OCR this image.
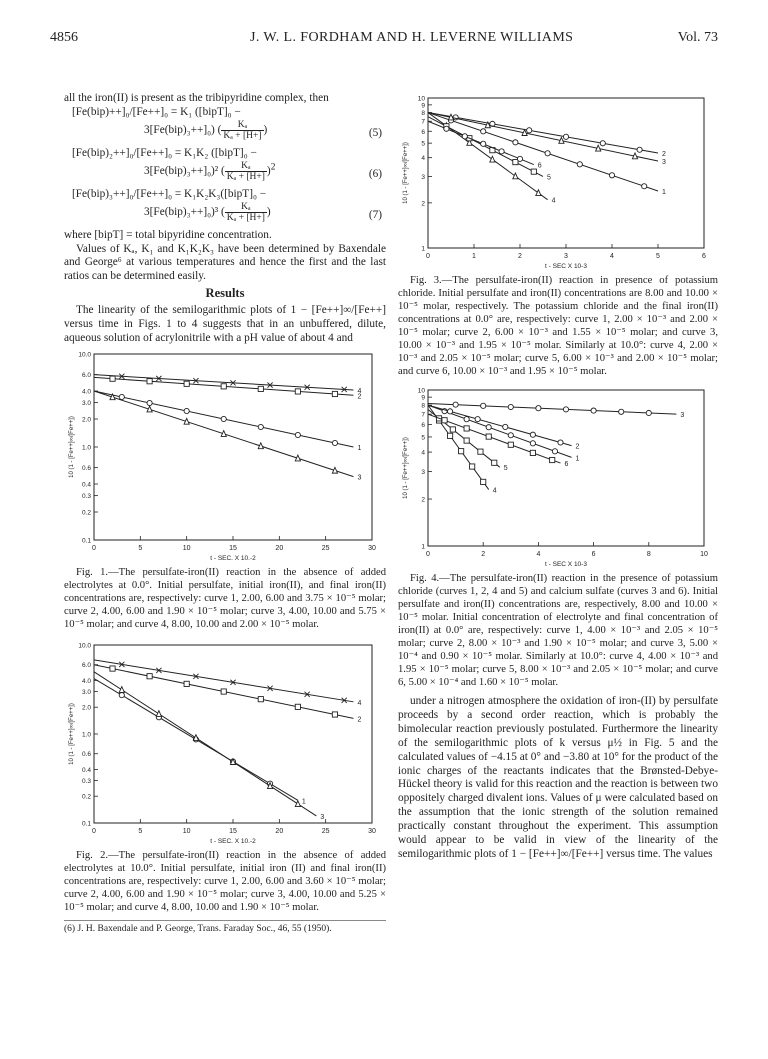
4856	J. W. L. FORDHAM AND H. LEVERNE WILLIAMS	Vol. 73
all the iron(II) is present as the tribipyridine complex, then
[Fe(bip)++]₀/[Fe++]₀ = K₁ ([bipT]₀ −
3[Fe(bip)₃++]₀) ( $\frac{\text{Kₐ}}{\text{Kₐ + [H+]}}$ )	(5)
[Fe(bip)₂++]₀/[Fe++]₀ = K₁K₂ ([bipT]₀ −
3[Fe(bip)₃++]₀)² ( $\frac{\text{Kₐ}}{\text{Kₐ + [H+]}} )^2$
(6)
[Fe(bip)₃++]₀/[Fe++]₀ = K₁K₂K₃([bipT]₀ −
3[Fe(bip)₃++]₀)³ ( $\frac{\text{Kₐ}}{\text{Kₐ + [H+]}}$ )	(7)
where [bipT] = total bipyridine concentration.
Values of Kₐ, K₁ and K₁K₂K₃ have been determined by Baxendale and George⁶ at various temperatures and hence the first and the last ratios can be determined easily.
Results
The linearity of the semilogarithmic plots of 1 − [Fe++]∞/[Fe++] versus time in Figs. 1 to 4 suggests that in an unbuffered, dilute, aqueous solution of acrylonitrile with a pH value of about 4 and
0	5	10	15	20	25	30
0.1
0.2
0.3
0.4
0.6
1.0
2.0
3.0
4.0
6.0
10.0
t - SEC. X 10.-2
10 (1 - [Fe++]∞/[Fe++])	1
2
3
4
Fig. 1.—The persulfate-iron(II) reaction in the absence of added electrolytes at 0.0°. Initial persulfate, initial iron(II), and final iron(II) concentrations are, respectively: curve 1, 2.00, 6.00 and 3.75 × 10⁻⁵ molar; curve 2, 4.00, 6.00 and 1.90 × 10⁻⁵ molar; curve 3, 4.00, 10.00 and 5.75 × 10⁻⁵ molar; and curve 4, 8.00, 10.00 and 2.00 × 10⁻⁵ molar.
0	5	10	15	20	25	30
0.1
0.2
0.3
0.4
0.6
1.0
2.0
3.0
4.0
6.0
10.0
t - SEC. X 10.-2
10 (1 - [Fe++]∞/[Fe++])
1
2
3
4
Fig. 2.—The persulfate-iron(II) reaction in the absence of added electrolytes at 10.0°. Initial persulfate, initial iron (II) and final iron(II) concentrations are, respectively: curve 1, 2.00, 6.00 and 3.60 × 10⁻⁵ molar; curve 2, 4.00, 6.00 and 1.90 × 10⁻⁵ molar; curve 3, 4.00, 10.00 and 5.25 × 10⁻⁵ molar; and curve 4, 8.00, 10.00 and 1.90 × 10⁻⁵ molar.
(6) J. H. Baxendale and P. George, Trans. Faraday Soc., 46, 55 (1950).
0	1	2	3	4	5	6
1
2
3
4
5
6
7
8
9
10
t - SEC X 10-3
10 (1 - [Fe++]∞/[Fe++])	1
2
3
4
5
6
Fig. 3.—The persulfate-iron(II) reaction in presence of potassium chloride. Initial persulfate and iron(II) concentrations are 8.00 and 10.00 × 10⁻⁵ molar, respectively. The potassium chloride and the final iron(II) concentrations at 0.0° are, respectively: curve 1, 2.00 × 10⁻³ and 2.00 × 10⁻⁵ molar; curve 2, 6.00 × 10⁻³ and 1.55 × 10⁻⁵ molar; and curve 3, 10.00 × 10⁻³ and 1.95 × 10⁻⁵ molar. Similarly at 10.0°: curve 4, 2.00 × 10⁻³ and 2.05 × 10⁻⁵ molar; curve 5, 6.00 × 10⁻³ and 2.00 × 10⁻⁵ molar; and curve 6, 10.00 × 10⁻³ and 1.95 × 10⁻⁵ molar.
0	2	4	6	8	10
1
2
3
4
5
6
7
8
9
10
t - SEC X 10-3
10 (1 - [Fe++]∞/[Fe++])	1
2
3
4
5
6
Fig. 4.—The persulfate-iron(II) reaction in the presence of potassium chloride (curves 1, 2, 4 and 5) and calcium sulfate (curves 3 and 6). Initial persulfate and iron(II) concentrations are, respectively, 8.00 and 10.00 × 10⁻⁵ molar. Initial concentration of electrolyte and final concentration of iron(II) at 0.0° are, respectively: curve 1, 4.00 × 10⁻³ and 2.05 × 10⁻⁵ molar; curve 2, 8.00 × 10⁻³ and 1.90 × 10⁻⁵ molar; and curve 3, 5.00 × 10⁻⁴ and 0.90 × 10⁻⁵ molar. Similarly at 10.0°: curve 4, 4.00 × 10⁻³ and 1.95 × 10⁻⁵ molar; curve 5, 8.00 × 10⁻³ and 2.05 × 10⁻⁵ molar; and curve 6, 5.00 × 10⁻⁴ and 1.60 × 10⁻⁵ molar.
under a nitrogen atmosphere the oxidation of iron-(II) by persulfate proceeds by a second order reaction, which is probably the bimolecular reaction previously postulated. Furthermore the linearity of the semilogarithmic plots of k versus μ½ in Fig. 5 and the calculated values of −4.15 at 0° and −3.80 at 10° for the product of the ionic charges of the reactants indicates that the Brønsted-Debye-Hückel theory is valid for this reaction and the reaction is between two oppositely charged divalent ions. Values of μ were calculated based on the assumption that the ionic strength of the solution remained practically constant throughout the experiment. This assumption would appear to be valid in view of the linearity of the semilogarithmic plots of 1 − [Fe++]∞/[Fe++] versus time. The values
